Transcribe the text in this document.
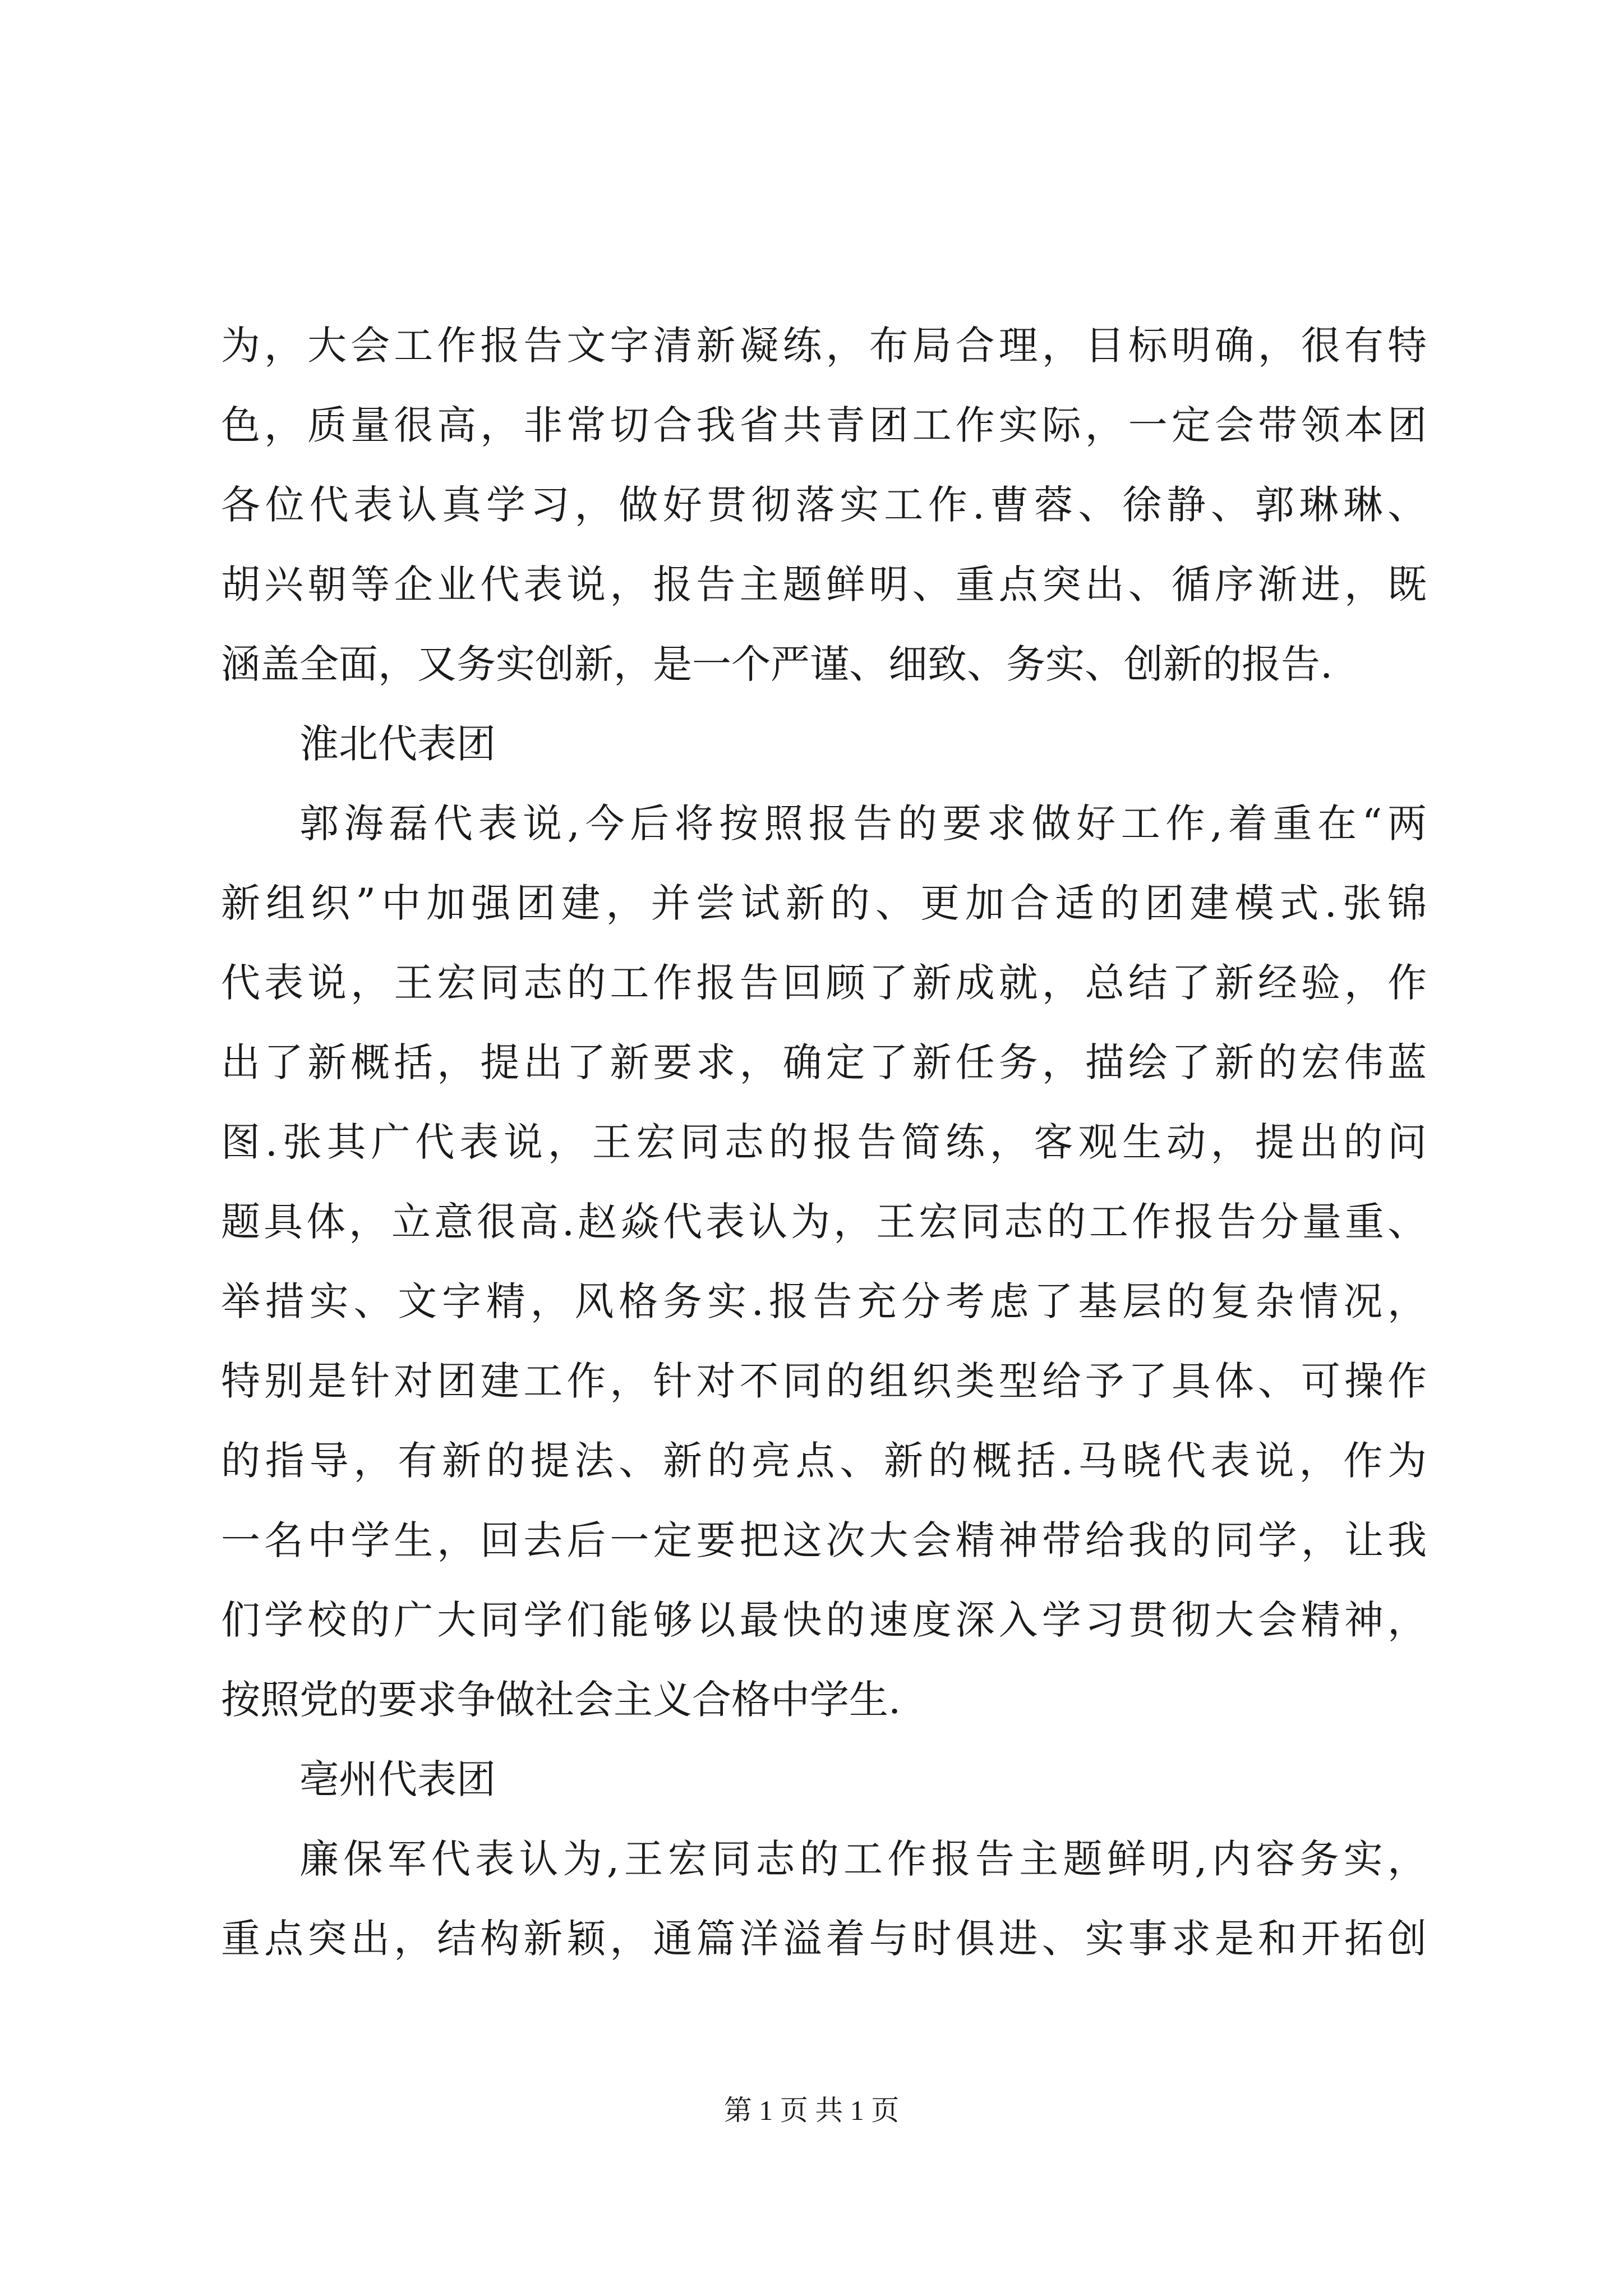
为，大会工作报告文字清新凝练，布局合理，目标明确，很有特
色，质量很高，非常切合我省共青团工作实际，一定会带领本团
各位代表认真学习，做好贯彻落实工作.曹蓉、徐静、郭琳琳、
胡兴朝等企业代表说，报告主题鲜明、重点突出、循序渐进，既
涵盖全面，又务实创新，是一个严谨、细致、务实、创新的报告.
淮北代表团
郭海磊代表说,今后将按照报告的要求做好工作,着重在“两
新组织”中加强团建，并尝试新的、更加合适的团建模式.张锦
代表说，王宏同志的工作报告回顾了新成就，总结了新经验，作
出了新概括，提出了新要求，确定了新任务，描绘了新的宏伟蓝
图.张其广代表说，王宏同志的报告简练，客观生动，提出的问
题具体，立意很高.赵焱代表认为，王宏同志的工作报告分量重、
举措实、文字精，风格务实.报告充分考虑了基层的复杂情况，
特别是针对团建工作，针对不同的组织类型给予了具体、可操作
的指导，有新的提法、新的亮点、新的概括.马晓代表说，作为
一名中学生，回去后一定要把这次大会精神带给我的同学，让我
们学校的广大同学们能够以最快的速度深入学习贯彻大会精神，
按照党的要求争做社会主义合格中学生.
亳州代表团
廉保军代表认为,王宏同志的工作报告主题鲜明,内容务实，
重点突出，结构新颖，通篇洋溢着与时俱进、实事求是和开拓创
第 1 页 共 1 页
